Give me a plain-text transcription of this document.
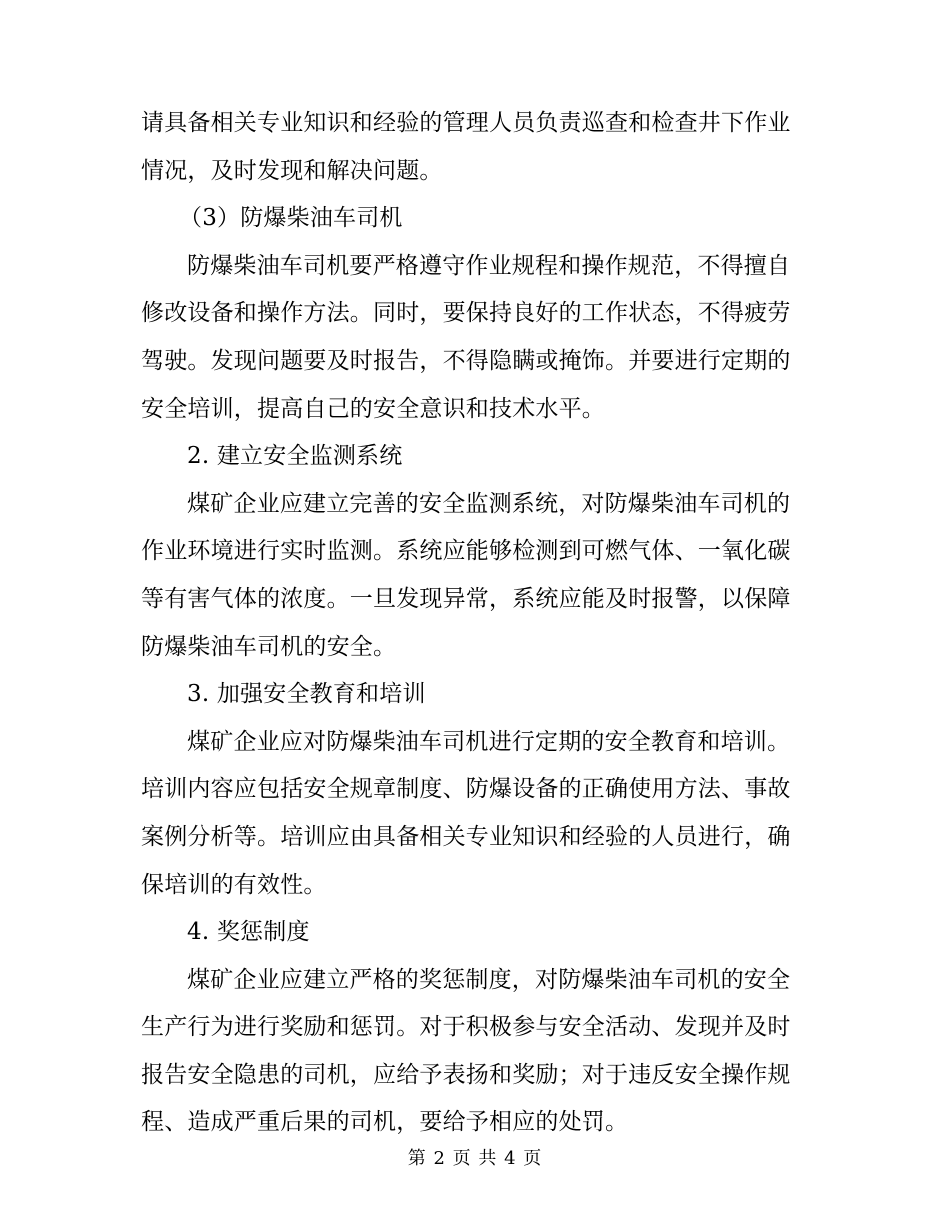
请具备相关专业知识和经验的管理人员负责巡查和检查井下作业
情况，及时发现和解决问题。
（3）防爆柴油车司机
防爆柴油车司机要严格遵守作业规程和操作规范，不得擅自
修改设备和操作方法。同时，要保持良好的工作状态，不得疲劳
驾驶。发现问题要及时报告，不得隐瞒或掩饰。并要进行定期的
安全培训，提高自己的安全意识和技术水平。
2. 建立安全监测系统
煤矿企业应建立完善的安全监测系统，对防爆柴油车司机的
作业环境进行实时监测。系统应能够检测到可燃气体、一氧化碳
等有害气体的浓度。一旦发现异常，系统应能及时报警，以保障
防爆柴油车司机的安全。
3. 加强安全教育和培训
煤矿企业应对防爆柴油车司机进行定期的安全教育和培训。
培训内容应包括安全规章制度、防爆设备的正确使用方法、事故
案例分析等。培训应由具备相关专业知识和经验的人员进行，确
保培训的有效性。
4. 奖惩制度
煤矿企业应建立严格的奖惩制度，对防爆柴油车司机的安全
生产行为进行奖励和惩罚。对于积极参与安全活动、发现并及时
报告安全隐患的司机，应给予表扬和奖励；对于违反安全操作规
程、造成严重后果的司机，要给予相应的处罚。
第 2 页 共 4 页
